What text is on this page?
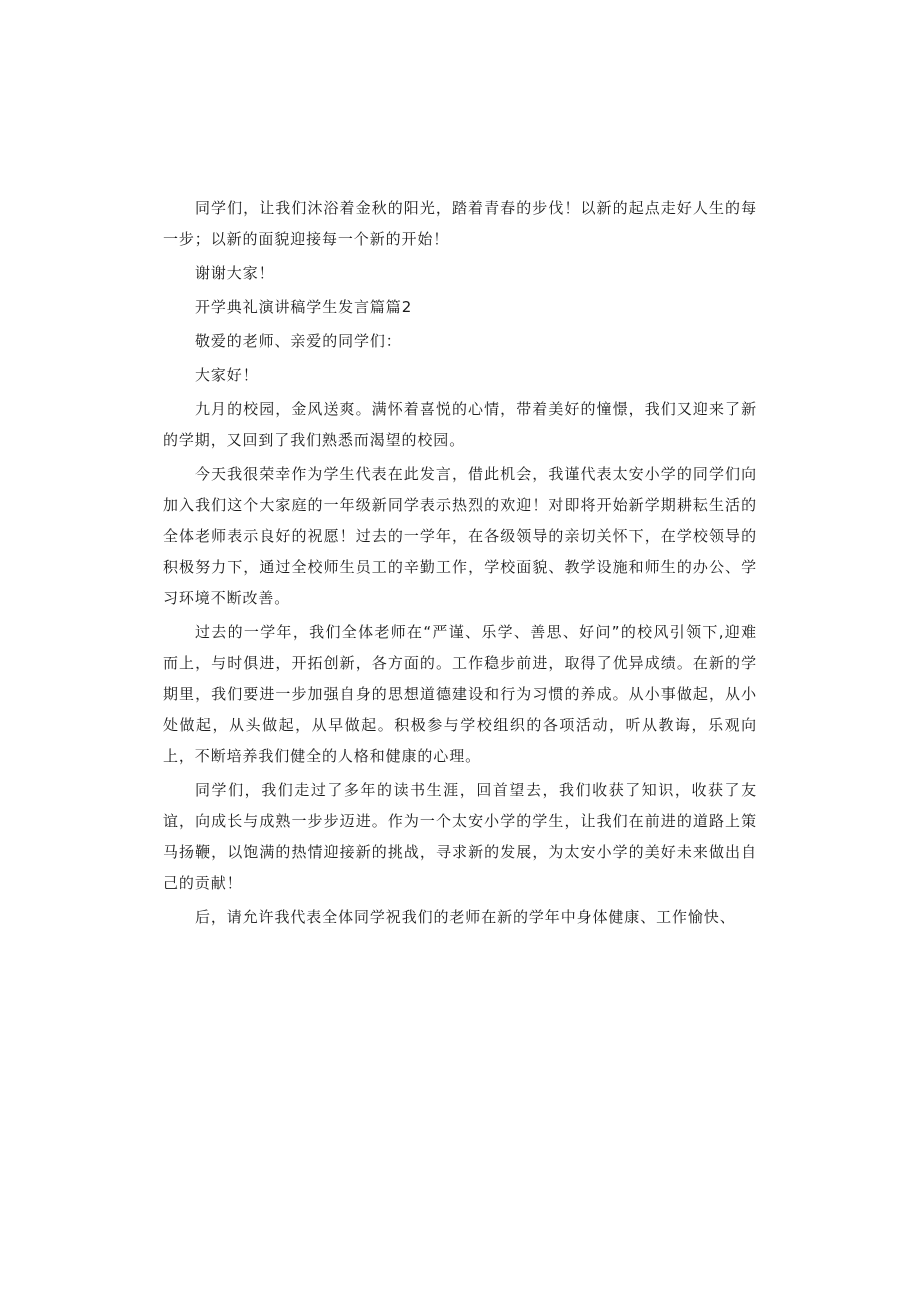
同学们，让我们沐浴着金秋的阳光，踏着青春的步伐！以新的起点走好人生的每一步；以新的面貌迎接每一个新的开始！

谢谢大家！

开学典礼演讲稿学生发言篇篇2

敬爱的老师、亲爱的同学们：

大家好！

九月的校园，金风送爽。满怀着喜悦的心情，带着美好的憧憬，我们又迎来了新的学期，又回到了我们熟悉而渴望的校园。

今天我很荣幸作为学生代表在此发言，借此机会，我谨代表太安小学的同学们向加入我们这个大家庭的一年级新同学表示热烈的欢迎！对即将开始新学期耕耘生活的全体老师表示良好的祝愿！过去的一学年，在各级领导的亲切关怀下，在学校领导的积极努力下，通过全校师生员工的辛勤工作，学校面貌、教学设施和师生的办公、学习环境不断改善。

过去的一学年，我们全体老师在“严谨、乐学、善思、好问”的校风引领下,迎难而上，与时俱进，开拓创新，各方面的。工作稳步前进，取得了优异成绩。在新的学期里，我们要进一步加强自身的思想道德建设和行为习惯的养成。从小事做起，从小处做起，从头做起，从早做起。积极参与学校组织的各项活动，听从教诲，乐观向上，不断培养我们健全的人格和健康的心理。

同学们，我们走过了多年的读书生涯，回首望去，我们收获了知识，收获了友谊，向成长与成熟一步步迈进。作为一个太安小学的学生，让我们在前进的道路上策马扬鞭，以饱满的热情迎接新的挑战，寻求新的发展，为太安小学的美好未来做出自己的贡献！

后，请允许我代表全体同学祝我们的老师在新的学年中身体健康、工作愉快、
